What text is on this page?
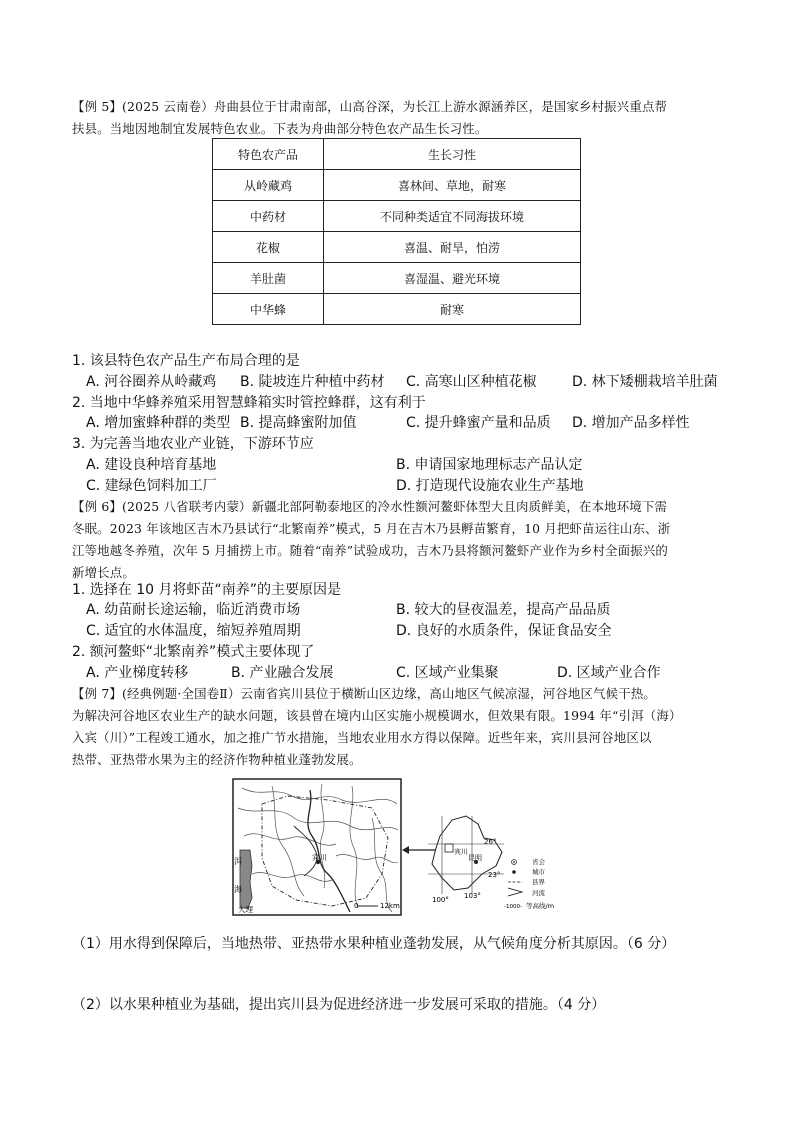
【例 5】(2025 云南卷）舟曲县位于甘肃南部，山高谷深，为长江上游水源涵养区，是国家乡村振兴重点帮
扶县。当地因地制宜发展特色农业。下表为舟曲部分特色农产品生长习性。
特色农产品	生长习性
从岭藏鸡	喜林间、草地，耐寒
中药材	不同种类适宜不同海拔环境
花椒	喜温、耐旱，怕涝
羊肚菌	喜湿温、避光环境
中华蜂	耐寒
1. 该县特色农产品生产布局合理的是
A. 河谷圈养从岭藏鸡 B. 陡坡连片种植中药材 C. 高寒山区种植花椒	D. 林下矮棚栽培羊肚菌
2. 当地中华蜂养殖采用智慧蜂箱实时管控蜂群，这有利于
A. 增加蜜蜂种群的类型 B. 提高蜂蜜附加值	C. 提升蜂蜜产量和品质 D. 增加产品多样性
3. 为完善当地农业产业链，下游环节应
A. 建设良种培育基地	B. 申请国家地理标志产品认定
C. 建绿色饲料加工厂	D. 打造现代设施农业生产基地
【例 6】(2025 八省联考内蒙）新疆北部阿勒泰地区的冷水性额河鳌虾体型大且肉质鲜美，在本地环境下需
冬眠。2023 年该地区吉木乃县试行“北繁南养”模式，5 月在吉木乃县孵苗繁育，10 月把虾苗运往山东、浙
江等地越冬养殖，次年 5 月捕捞上市。随着“南养”试验成功，吉木乃县将额河鳌虾产业作为乡村全面振兴的
新增长点。
1. 选择在 10 月将虾苗“南养”的主要原因是
A. 幼苗耐长途运输，临近消费市场	B. 较大的昼夜温差，提高产品品质
C. 适宜的水体温度，缩短养殖周期	D. 良好的水质条件，保证食品安全
2. 额河鳌虾“北繁南养”模式主要体现了
A. 产业梯度转移	B. 产业融合发展	C. 区域产业集聚	D. 区域产业合作
【例 7】(经典例题·全国卷Ⅱ）云南省宾川县位于横断山区边缘，高山地区气候凉湿，河谷地区气候干热。
为解决河谷地区农业生产的缺水问题，该县曾在境内山区实施小规模调水，但效果有限。1994 年“引洱（海）
入宾（川）”工程竣工通水，加之推广节水措施，当地农业用水方得以保障。近些年来，宾川县河谷地区以
热带、亚热带水果为主的经济作物种植业蓬勃发展。
洱
海
大理
宾川
0	12km
宾川
昆明
26°
23°
100° 103°
省会
城市
县界
河流
-1000- 等高线/m
（1）用水得到保障后，当地热带、亚热带水果种植业蓬勃发展，从气候角度分析其原因。（6 分）
（2）以水果种植业为基础，提出宾川县为促进经济进一步发展可采取的措施。（4 分）
